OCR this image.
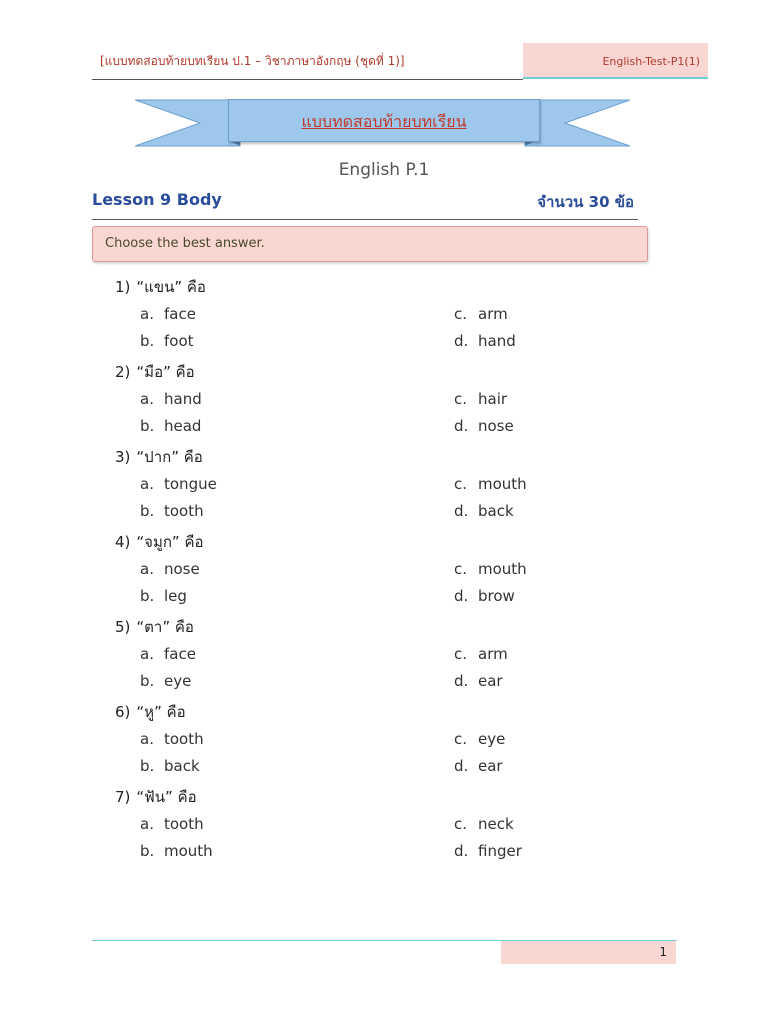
[แบบทดสอบท้ายบทเรียน ป.1 – วิชาภาษาอังกฤษ (ชุดที่ 1)]	English-Test-P1(1)
แบบทดสอบท้ายบทเรียน
English P.1
Lesson 9 Body	จำนวน 30 ข้อ
Choose the best answer.
1) “แขน” คือ
a. face	c. arm
b. foot	d. hand
2) “มือ” คือ
a. hand	c. hair
b. head	d. nose
3) “ปาก” คือ
a. tongue	c. mouth
b. tooth	d. back
4) “จมูก” คือ
a. nose	c. mouth
b. leg	d. brow
5) “ตา” คือ
a. face	c. arm
b. eye	d. ear
6) “หู” คือ
a. tooth	c. eye
b. back	d. ear
7) “ฟัน” คือ
a. tooth	c. neck
b. mouth	d. finger
1
